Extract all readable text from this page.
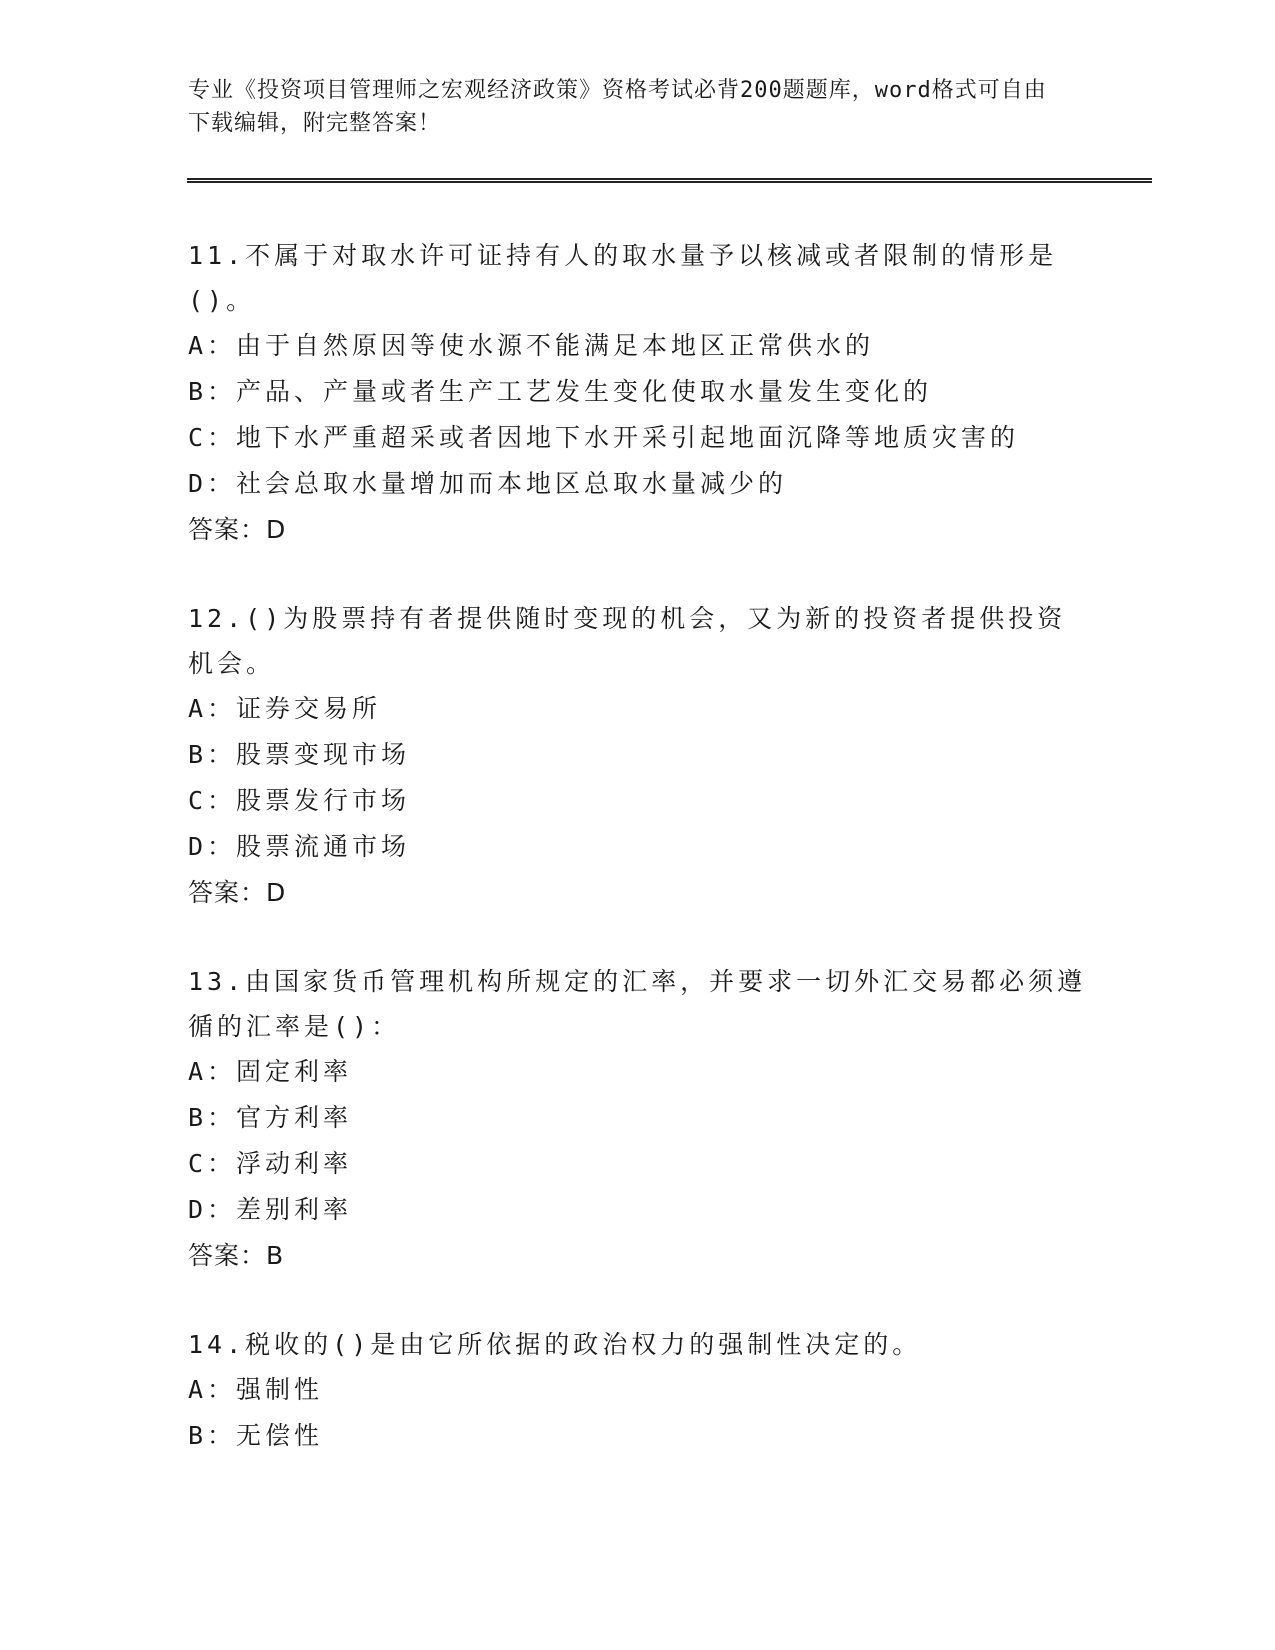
专业《投资项目管理师之宏观经济政策》资格考试必背200题题库，word格式可自由下载编辑，附完整答案！

11.不属于对取水许可证持有人的取水量予以核减或者限制的情形是()。

A：由于自然原因等使水源不能满足本地区正常供水的

B：产品、产量或者生产工艺发生变化使取水量发生变化的

C：地下水严重超采或者因地下水开采引起地面沉降等地质灾害的

D：社会总取水量增加而本地区总取水量减少的

答案：D

12.()为股票持有者提供随时变现的机会，又为新的投资者提供投资机会。

A：证券交易所

B：股票变现市场

C：股票发行市场

D：股票流通市场

答案：D

13.由国家货币管理机构所规定的汇率，并要求一切外汇交易都必须遵循的汇率是()：

A：固定利率

B：官方利率

C：浮动利率

D：差别利率

答案：B

14.税收的()是由它所依据的政治权力的强制性决定的。

A：强制性

B：无偿性
